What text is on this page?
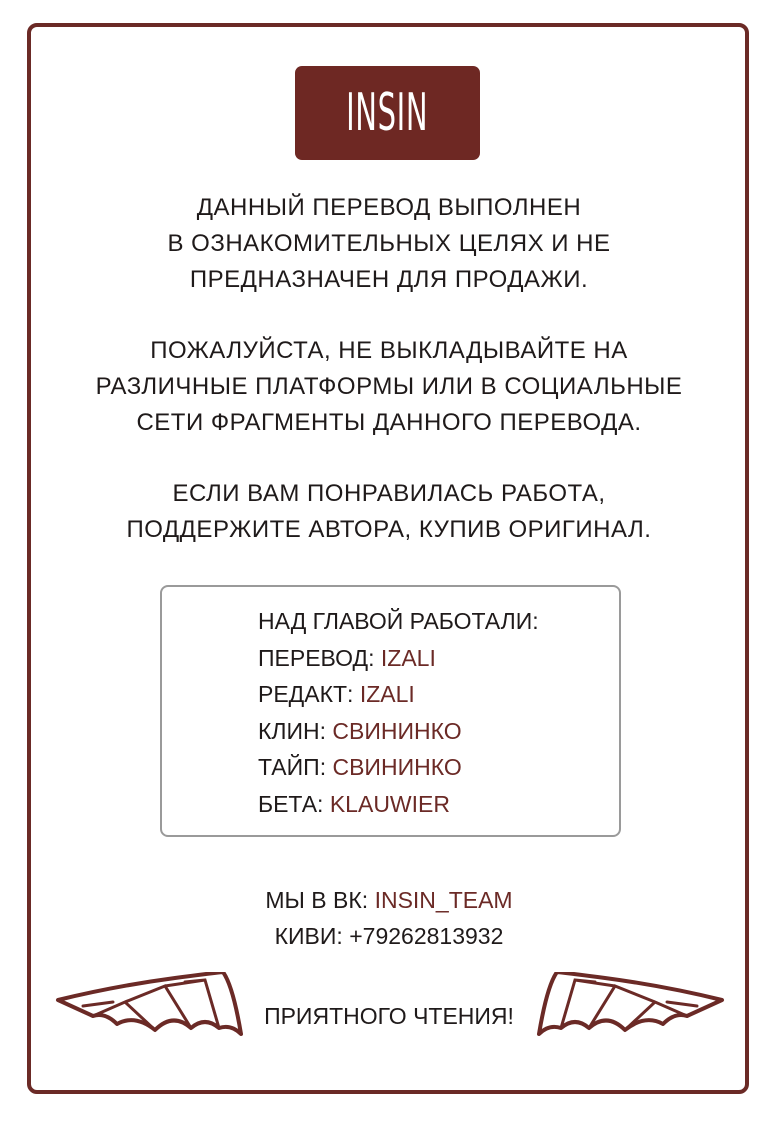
INSIN
ДАННЫЙ ПЕРЕВОД ВЫПОЛНЕН
В ОЗНАКОМИТЕЛЬНЫХ ЦЕЛЯХ И НЕ
ПРЕДНАЗНАЧЕН ДЛЯ ПРОДАЖИ.
ПОЖАЛУЙСТА, НЕ ВЫКЛАДЫВАЙТЕ НА
РАЗЛИЧНЫЕ ПЛАТФОРМЫ ИЛИ В СОЦИАЛЬНЫЕ
СЕТИ ФРАГМЕНТЫ ДАННОГО ПЕРЕВОДА.
ЕСЛИ ВАМ ПОНРАВИЛАСЬ РАБОТА,
ПОДДЕРЖИТЕ АВТОРА, КУПИВ ОРИГИНАЛ.
НАД ГЛАВОЙ РАБОТАЛИ:
ПЕРЕВОД: IZALI
РЕДАКТ: IZALI
КЛИН: СВИНИНКО
ТАЙП: СВИНИНКО
БЕТА: KLAUWIER
МЫ В ВК: INSIN_TEAM
КИВИ: +79262813932
ПРИЯТНОГО ЧТЕНИЯ!
